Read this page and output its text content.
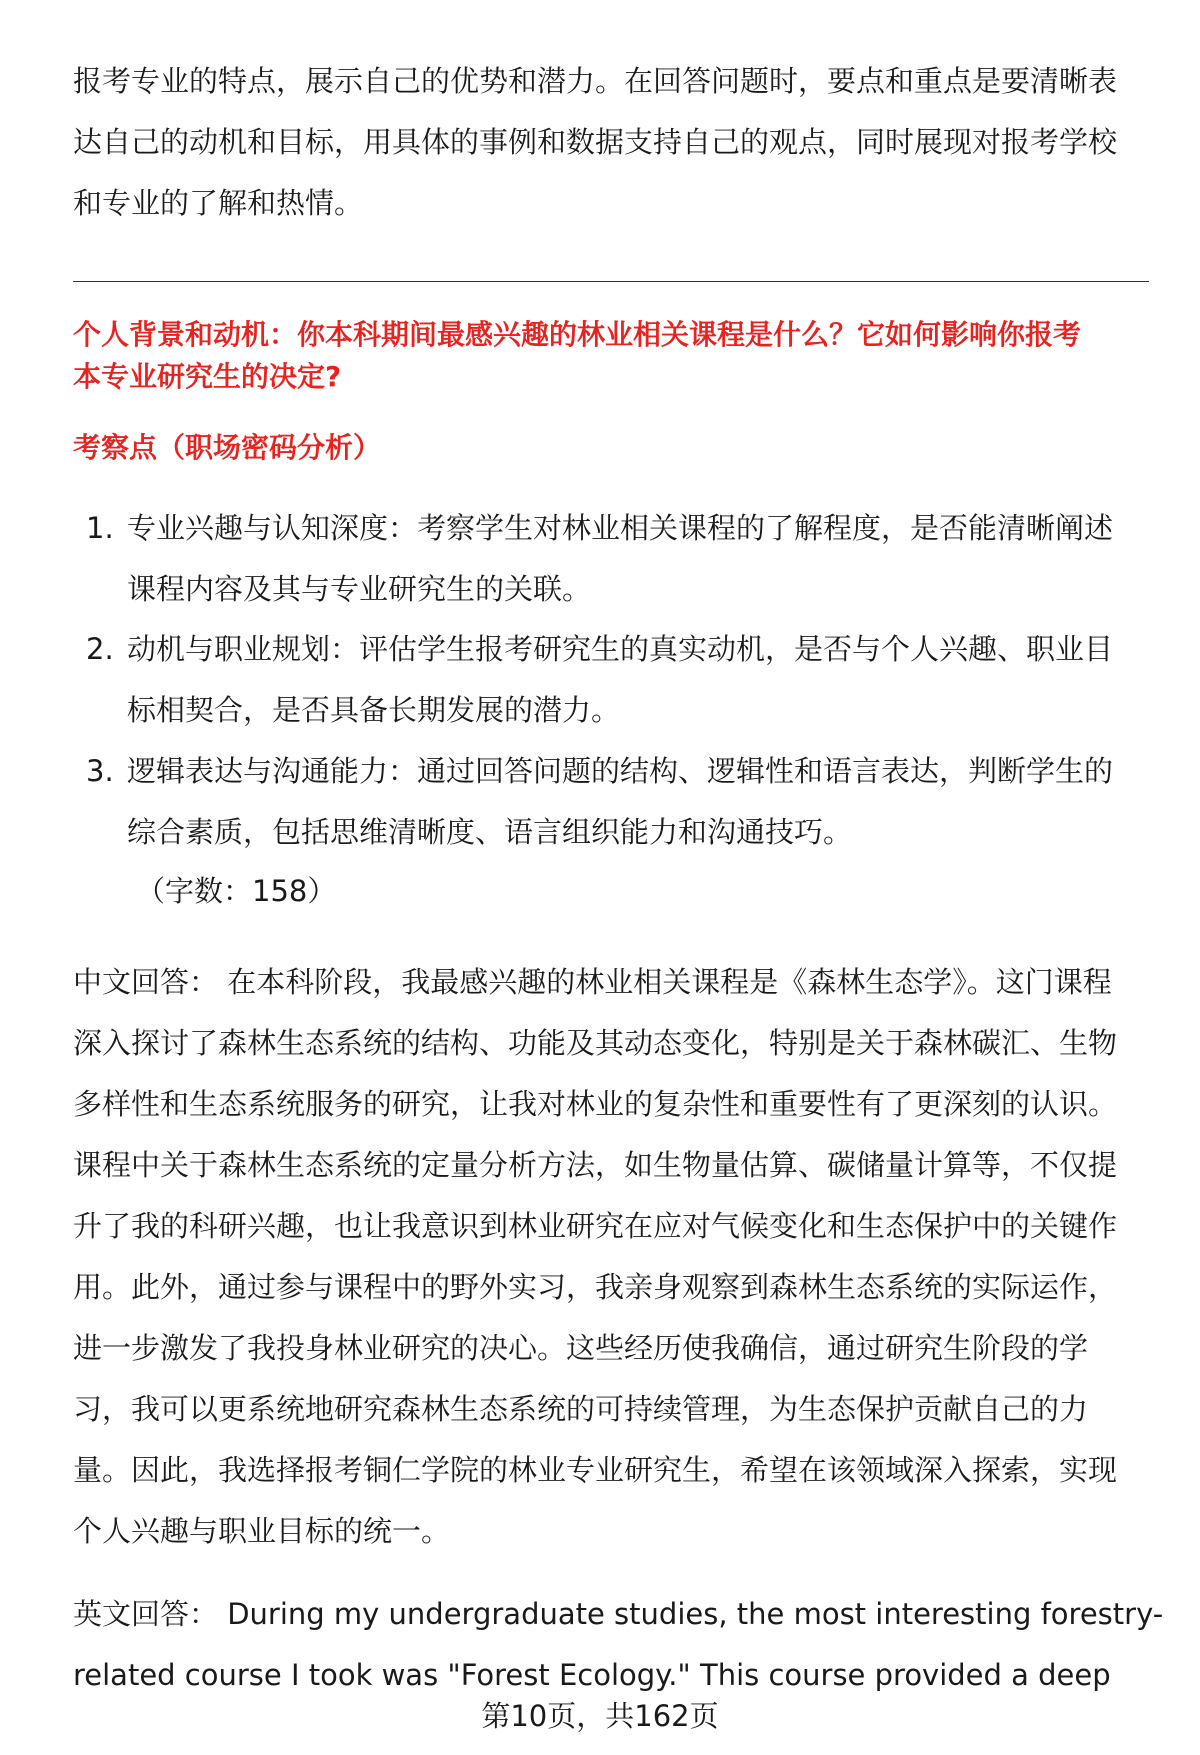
报考专业的特点，展示自己的优势和潜力。在回答问题时，要点和重点是要清晰表
达自己的动机和目标，用具体的事例和数据支持自己的观点，同时展现对报考学校
和专业的了解和热情。
个人背景和动机：你本科期间最感兴趣的林业相关课程是什么？它如何影响你报考
本专业研究生的决定?
考察点（职场密码分析）
1. 专业兴趣与认知深度：考察学生对林业相关课程的了解程度，是否能清晰阐述
课程内容及其与专业研究生的关联。
2. 动机与职业规划：评估学生报考研究生的真实动机，是否与个人兴趣、职业目
标相契合，是否具备长期发展的潜力。
3. 逻辑表达与沟通能力：通过回答问题的结构、逻辑性和语言表达，判断学生的
综合素质，包括思维清晰度、语言组织能力和沟通技巧。
（字数：158）
中文回答： 在本科阶段，我最感兴趣的林业相关课程是《森林生态学》。这门课程
深入探讨了森林生态系统的结构、功能及其动态变化，特别是关于森林碳汇、生物
多样性和生态系统服务的研究，让我对林业的复杂性和重要性有了更深刻的认识。
课程中关于森林生态系统的定量分析方法，如生物量估算、碳储量计算等，不仅提
升了我的科研兴趣，也让我意识到林业研究在应对气候变化和生态保护中的关键作
用。此外，通过参与课程中的野外实习，我亲身观察到森林生态系统的实际运作，
进一步激发了我投身林业研究的决心。这些经历使我确信，通过研究生阶段的学
习，我可以更系统地研究森林生态系统的可持续管理，为生态保护贡献自己的力
量。因此，我选择报考铜仁学院的林业专业研究生，希望在该领域深入探索，实现
个人兴趣与职业目标的统一。
英文回答： During my undergraduate studies, the most interesting forestry-
related course I took was "Forest Ecology." This course provided a deep
第10页，共162页
